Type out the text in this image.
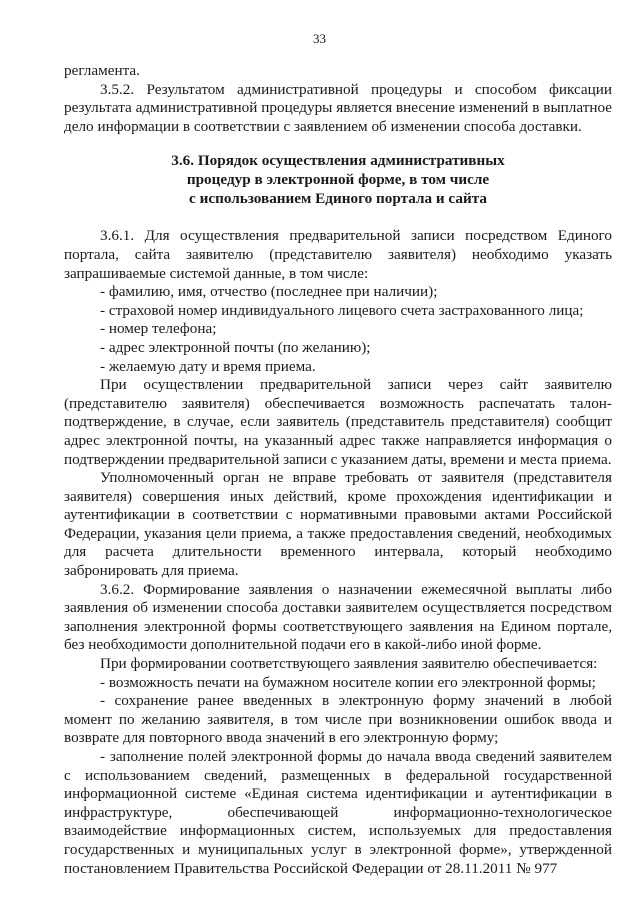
33

регламента.

3.5.2. Результатом административной процедуры и способом фиксации результата административной процедуры является внесение изменений в выплатное дело информации в соответствии с заявлением об изменении способа доставки.

3.6. Порядок осуществления административных
процедур в электронной форме, в том числе
с использованием Единого портала и сайта

3.6.1. Для осуществления предварительной записи посредством Единого портала, сайта заявителю (представителю заявителя) необходимо указать запрашиваемые системой данные, в том числе:

- фамилию, имя, отчество (последнее при наличии);

- страховой номер индивидуального лицевого счета застрахованного лица;

- номер телефона;

- адрес электронной почты (по желанию);

- желаемую дату и время приема.

При осуществлении предварительной записи через сайт заявителю (представителю заявителя) обеспечивается возможность распечатать талон-подтверждение, в случае, если заявитель (представитель представителя) сообщит адрес электронной почты, на указанный адрес также направляется информация о подтверждении предварительной записи с указанием даты, времени и места приема.

Уполномоченный орган не вправе требовать от заявителя (представителя заявителя) совершения иных действий, кроме прохождения идентификации и аутентификации в соответствии с нормативными правовыми актами Российской Федерации, указания цели приема, а также предоставления сведений, необходимых для расчета длительности временного интервала, который необходимо забронировать для приема.

3.6.2. Формирование заявления о назначении ежемесячной выплаты либо заявления об изменении способа доставки заявителем осуществляется посредством заполнения электронной формы соответствующего заявления на Едином портале, без необходимости дополнительной подачи его в какой-либо иной форме.

При формировании соответствующего заявления заявителю обеспечивается:

- возможность печати на бумажном носителе копии его электронной формы;

- сохранение ранее введенных в электронную форму значений в любой момент по желанию заявителя, в том числе при возникновении ошибок ввода и возврате для повторного ввода значений в его электронную форму;

- заполнение полей электронной формы до начала ввода сведений заявителем с использованием сведений, размещенных в федеральной государственной информационной системе «Единая система идентификации и аутентификации в инфраструктуре, обеспечивающей информационно-технологическое взаимодействие информационных систем, используемых для предоставления государственных и муниципальных услуг в электронной форме», утвержденной постановлением Правительства Российской Федерации от 28.11.2011 № 977
